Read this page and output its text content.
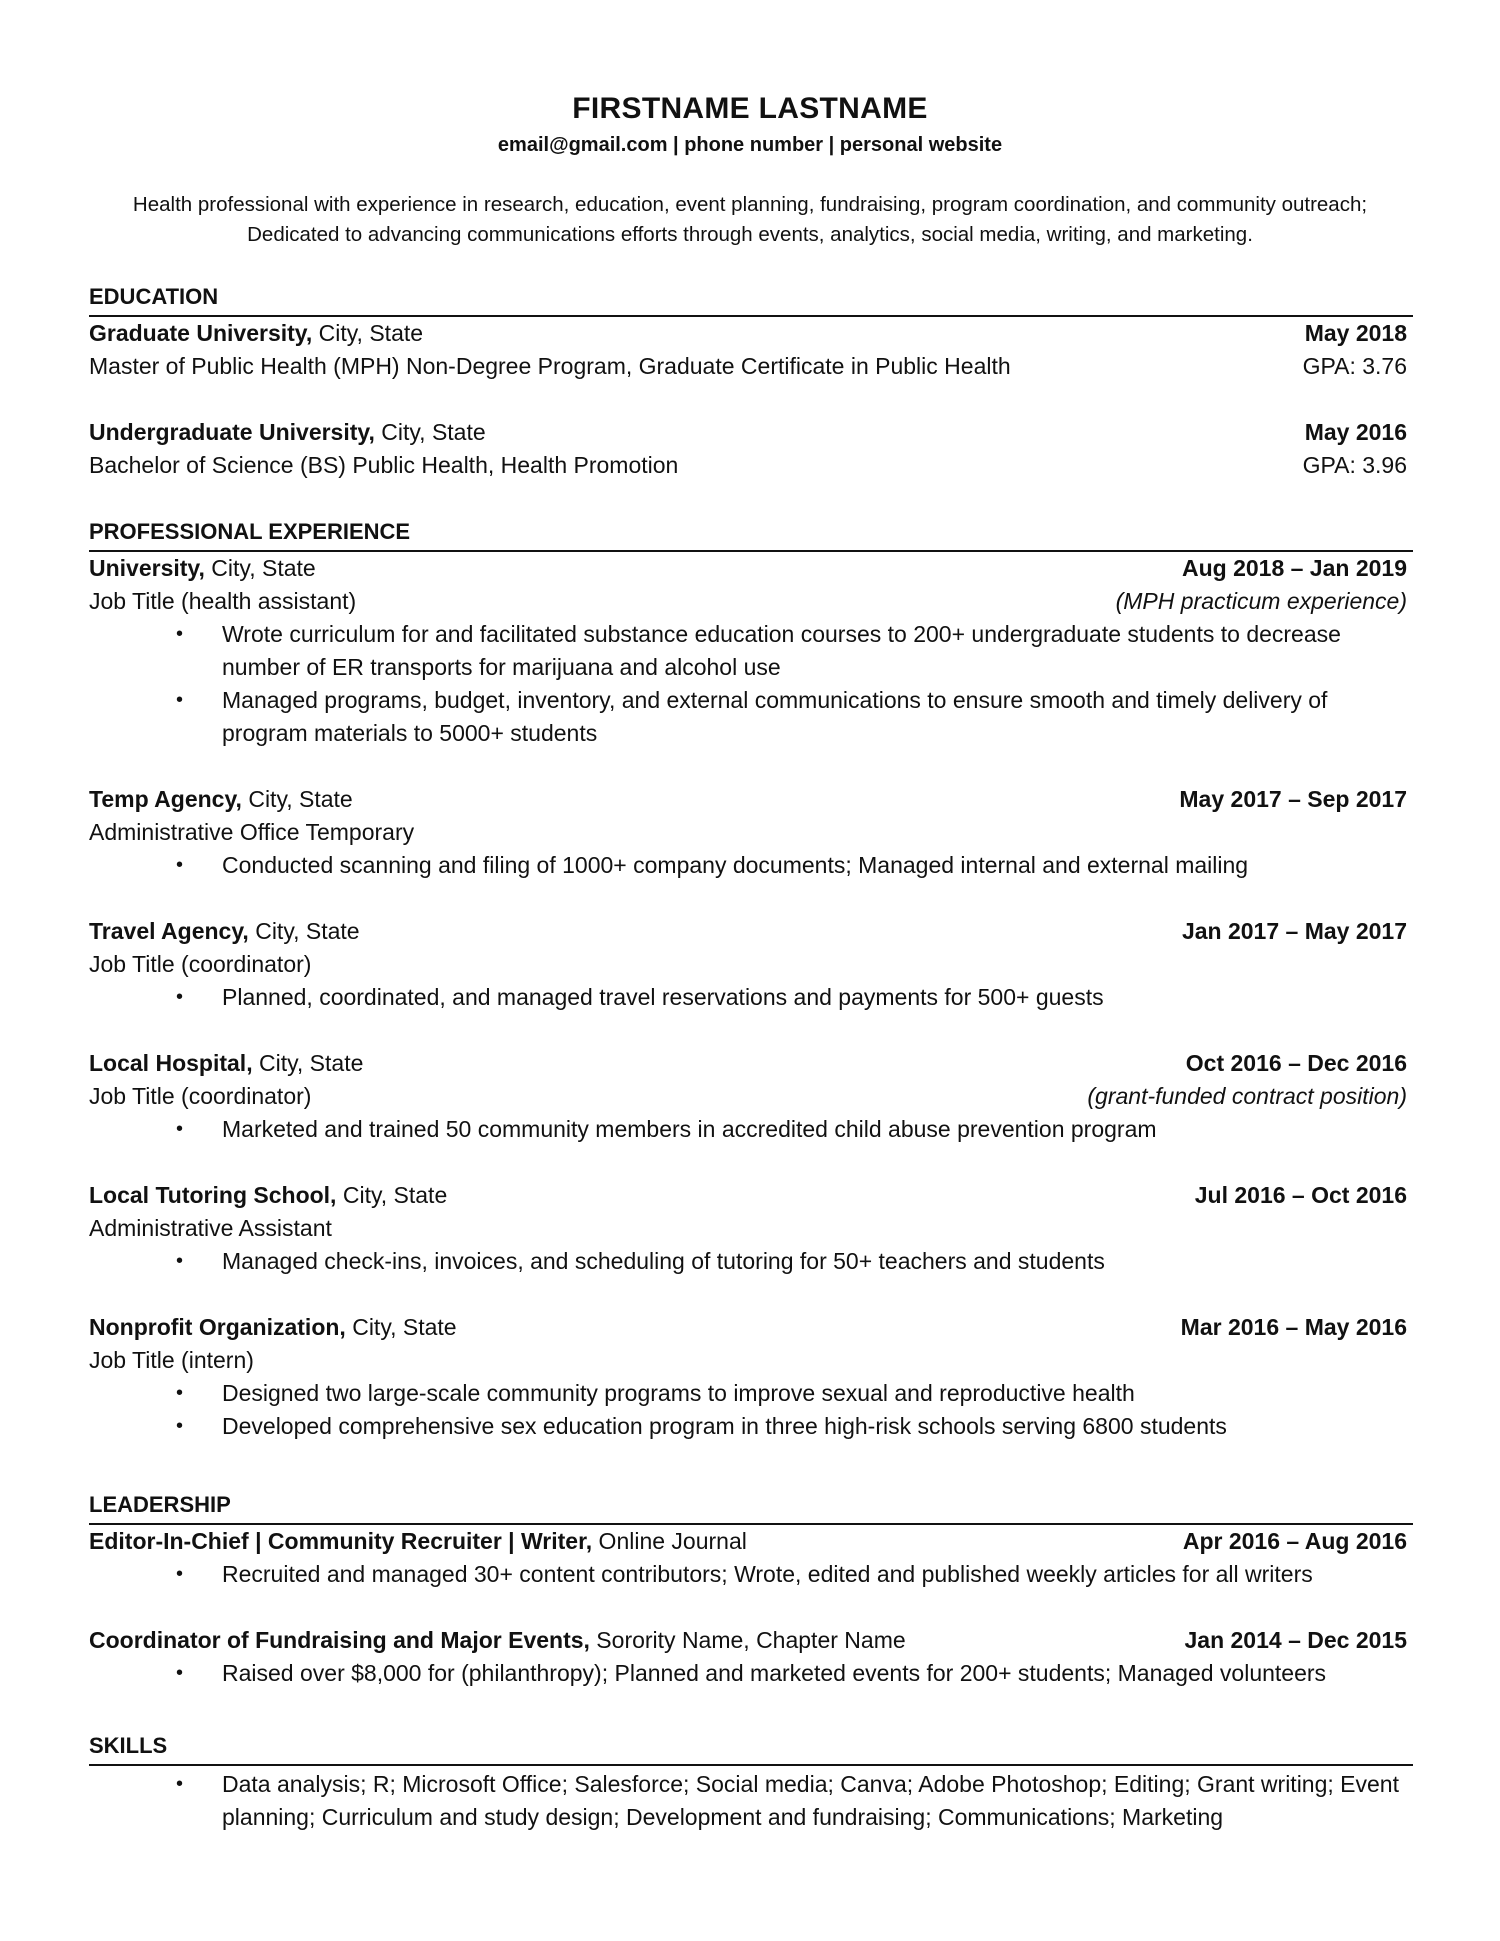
FIRSTNAME LASTNAME
email@gmail.com | phone number | personal website
Health professional with experience in research, education, event planning, fundraising, program coordination, and community outreach; Dedicated to advancing communications efforts through events, analytics, social media, writing, and marketing.
EDUCATION
Graduate University, City, State	May 2018
Master of Public Health (MPH) Non-Degree Program, Graduate Certificate in Public Health	GPA: 3.76
Undergraduate University, City, State	May 2016
Bachelor of Science (BS) Public Health, Health Promotion	GPA: 3.96
PROFESSIONAL EXPERIENCE
University, City, State	Aug 2018 – Jan 2019
Job Title (health assistant)	(MPH practicum experience)
• Wrote curriculum for and facilitated substance education courses to 200+ undergraduate students to decrease number of ER transports for marijuana and alcohol use
• Managed programs, budget, inventory, and external communications to ensure smooth and timely delivery of program materials to 5000+ students
Temp Agency, City, State	May 2017 – Sep 2017
Administrative Office Temporary
• Conducted scanning and filing of 1000+ company documents; Managed internal and external mailing
Travel Agency, City, State	Jan 2017 – May 2017
Job Title (coordinator)
• Planned, coordinated, and managed travel reservations and payments for 500+ guests
Local Hospital, City, State	Oct 2016 – Dec 2016
Job Title (coordinator)	(grant-funded contract position)
• Marketed and trained 50 community members in accredited child abuse prevention program
Local Tutoring School, City, State	Jul 2016 – Oct 2016
Administrative Assistant
• Managed check-ins, invoices, and scheduling of tutoring for 50+ teachers and students
Nonprofit Organization, City, State	Mar 2016 – May 2016
Job Title (intern)
• Designed two large-scale community programs to improve sexual and reproductive health
• Developed comprehensive sex education program in three high-risk schools serving 6800 students
LEADERSHIP
Editor-In-Chief | Community Recruiter | Writer, Online Journal	Apr 2016 – Aug 2016
• Recruited and managed 30+ content contributors; Wrote, edited and published weekly articles for all writers
Coordinator of Fundraising and Major Events, Sorority Name, Chapter Name	Jan 2014 – Dec 2015
• Raised over $8,000 for (philanthropy); Planned and marketed events for 200+ students; Managed volunteers
SKILLS
• Data analysis; R; Microsoft Office; Salesforce; Social media; Canva; Adobe Photoshop; Editing; Grant writing; Event planning; Curriculum and study design; Development and fundraising; Communications; Marketing
